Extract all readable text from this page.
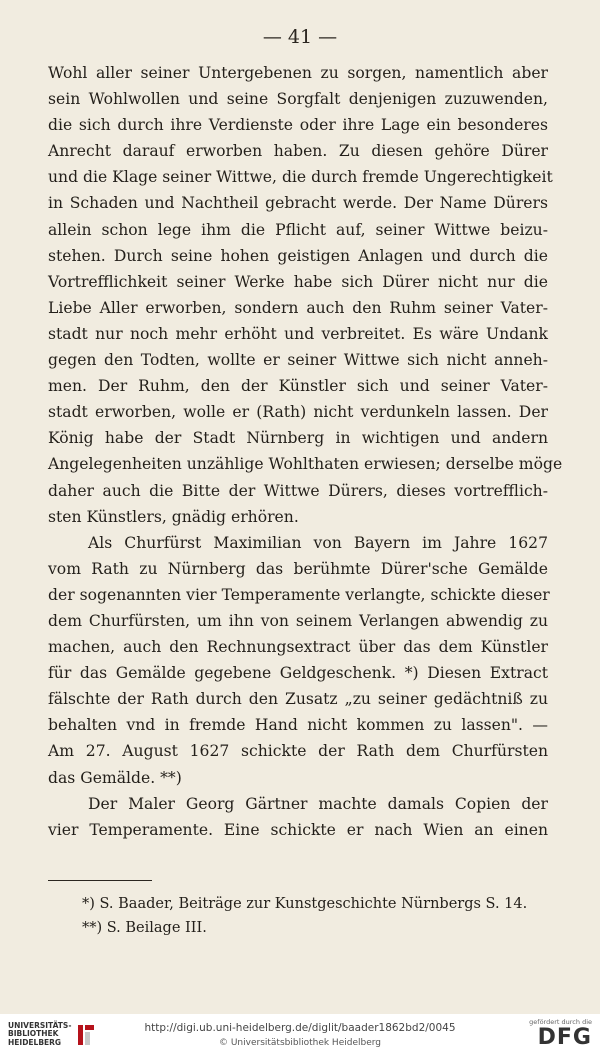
— 41 —
Wohl aller seiner Untergebenen zu sorgen, namentlich aber
sein Wohlwollen und seine Sorgfalt denjenigen zuzuwenden,
die sich durch ihre Verdienste oder ihre Lage ein besonderes
Anrecht darauf erworben haben. Zu diesen gehöre Dürer
und die Klage seiner Wittwe, die durch fremde Ungerechtigkeit
in Schaden und Nachtheil gebracht werde. Der Name Dürers
allein schon lege ihm die Pflicht auf, seiner Wittwe beizu-
stehen. Durch seine hohen geistigen Anlagen und durch die
Vortrefflichkeit seiner Werke habe sich Dürer nicht nur die
Liebe Aller erworben, sondern auch den Ruhm seiner Vater-
stadt nur noch mehr erhöht und verbreitet. Es wäre Undank
gegen den Todten, wollte er seiner Wittwe sich nicht anneh-
men. Der Ruhm, den der Künstler sich und seiner Vater-
stadt erworben, wolle er (Rath) nicht verdunkeln lassen. Der
König habe der Stadt Nürnberg in wichtigen und andern
Angelegenheiten unzählige Wohlthaten erwiesen; derselbe möge
daher auch die Bitte der Wittwe Dürers, dieses vortrefflich-
sten Künstlers, gnädig erhören.
Als Churfürst Maximilian von Bayern im Jahre 1627
vom Rath zu Nürnberg das berühmte Dürer'sche Gemälde
der sogenannten vier Temperamente verlangte, schickte dieser
dem Churfürsten, um ihn von seinem Verlangen abwendig zu
machen, auch den Rechnungsextract über das dem Künstler
für das Gemälde gegebene Geldgeschenk. *) Diesen Extract
fälschte der Rath durch den Zusatz „zu seiner gedächtniß zu
behalten vnd in fremde Hand nicht kommen zu lassen". —
Am 27. August 1627 schickte der Rath dem Churfürsten
das Gemälde. **)
Der Maler Georg Gärtner machte damals Copien der
vier Temperamente. Eine schickte er nach Wien an einen
*) S. Baader, Beiträge zur Kunstgeschichte Nürnbergs S. 14.
**) S. Beilage III.
UNIVERSITÄTS-
BIBLIOTHEK
HEIDELBERG
http://digi.ub.uni-heidelberg.de/diglit/baader1862bd2/0045
© Universitätsbibliothek Heidelberg
gefördert durch die
DFG
